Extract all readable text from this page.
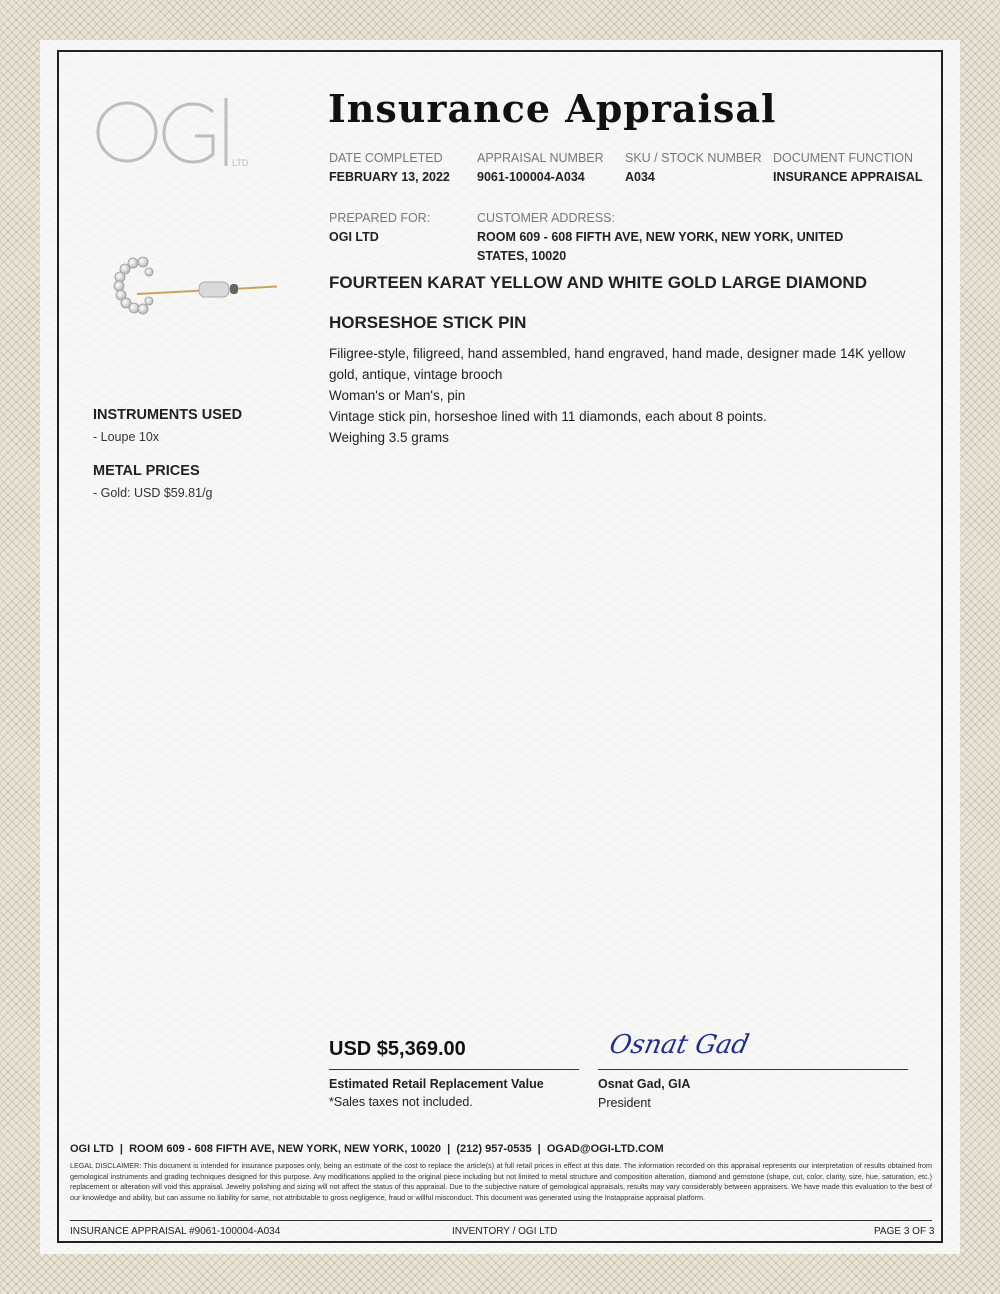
LTD
Insurance Appraisal
DATE COMPLETED
FEBRUARY 13, 2022
APPRAISAL NUMBER
9061-100004-A034
SKU / STOCK NUMBER
A034
DOCUMENT FUNCTION
INSURANCE APPRAISAL
PREPARED FOR:
OGI LTD
CUSTOMER ADDRESS:
ROOM 609 - 608 FIFTH AVE, NEW YORK, NEW YORK, UNITED
STATES, 10020
INSTRUMENTS USED
- Loupe 10x
METAL PRICES
- Gold: USD $59.81/g
FOURTEEN KARAT YELLOW AND WHITE GOLD LARGE DIAMOND
HORSESHOE STICK PIN

Filigree-style, filigreed, hand assembled, hand engraved, hand made, designer made 14K yellow gold, antique, vintage brooch

Woman's or Man's, pin

Vintage stick pin, horseshoe lined with 11 diamonds, each about 8 points.

Weighing 3.5 grams

USD $5,369.00
Estimated Retail Replacement Value
*Sales taxes not included.
Osnat Gad
Osnat Gad, GIA
President
OGI LTD  |  ROOM 609 - 608 FIFTH AVE, NEW YORK, NEW YORK, 10020  |  (212) 957-0535  |  OGAD@OGI-LTD.COM
LEGAL DISCLAIMER: This document is intended for insurance purposes only, being an estimate of the cost to replace the article(s) at full retail prices in effect at this date. The information recorded on this appraisal represents our interpretation of results obtained from gemological instruments and grading techniques designed for this purpose. Any modifications applied to the original piece including but not limited to metal structure and composition alteration, diamond and gemstone (shape, cut, color, clarity, size, hue, saturation, etc.) replacement or alteration will void this appraisal. Jewelry polishing and sizing will not affect the status of this appraisal. Due to the subjective nature of gemological appraisals, results may vary considerably between appraisers. We have made this evaluation to the best of our knowledge and ability, but can assume no liability for same, not attributable to gross negligence, fraud or willful misconduct. This document was generated using the Instappraise appraisal platform.
INSURANCE APPRAISAL #9061-100004-A034	INVENTORY / OGI LTD	PAGE 3 OF 3
